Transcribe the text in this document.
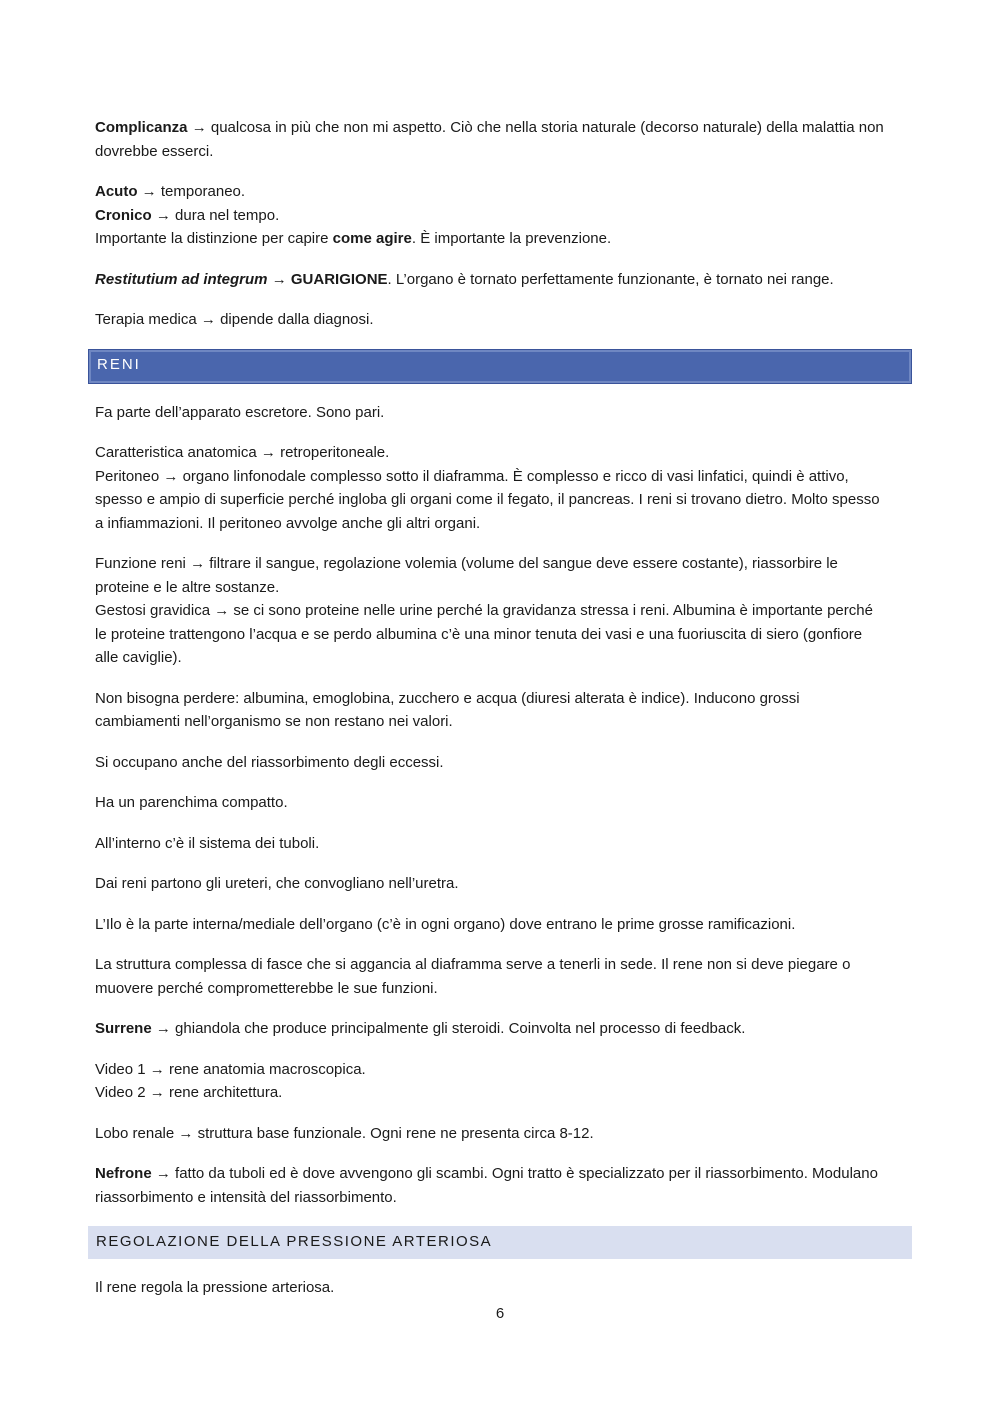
Complicanza → qualcosa in più che non mi aspetto. Ciò che nella storia naturale (decorso naturale) della malattia non
dovrebbe esserci.
Acuto → temporaneo.
Cronico → dura nel tempo.
Importante la distinzione per capire come agire. È importante la prevenzione.
Restitutium ad integrum → GUARIGIONE. L’organo è tornato perfettamente funzionante, è tornato nei range.
Terapia medica → dipende dalla diagnosi.
RENI
Fa parte dell’apparato escretore. Sono pari.
Caratteristica anatomica → retroperitoneale.
Peritoneo → organo linfonodale complesso sotto il diaframma. È complesso e ricco di vasi linfatici, quindi è attivo,
spesso e ampio di superficie perché ingloba gli organi come il fegato, il pancreas. I reni si trovano dietro. Molto spesso
a infiammazioni. Il peritoneo avvolge anche gli altri organi.
Funzione reni → filtrare il sangue, regolazione volemia (volume del sangue deve essere costante), riassorbire le
proteine e le altre sostanze.
Gestosi gravidica → se ci sono proteine nelle urine perché la gravidanza stressa i reni. Albumina è importante perché
le proteine trattengono l’acqua e se perdo albumina c’è una minor tenuta dei vasi e una fuoriuscita di siero (gonfiore
alle caviglie).
Non bisogna perdere: albumina, emoglobina, zucchero e acqua (diuresi alterata è indice). Inducono grossi
cambiamenti nell’organismo se non restano nei valori.
Si occupano anche del riassorbimento degli eccessi.
Ha un parenchima compatto.
All’interno c’è il sistema dei tuboli.
Dai reni partono gli ureteri, che convogliano nell’uretra.
L’Ilo è la parte interna/mediale dell’organo (c’è in ogni organo) dove entrano le prime grosse ramificazioni.
La struttura complessa di fasce che si aggancia al diaframma serve a tenerli in sede. Il rene non si deve piegare o
muovere perché comprometterebbe le sue funzioni.
Surrene → ghiandola che produce principalmente gli steroidi. Coinvolta nel processo di feedback.
Video 1 → rene anatomia macroscopica.
Video 2 → rene architettura.
Lobo renale → struttura base funzionale. Ogni rene ne presenta circa 8-12.
Nefrone → fatto da tuboli ed è dove avvengono gli scambi. Ogni tratto è specializzato per il riassorbimento. Modulano
riassorbimento e intensità del riassorbimento.
REGOLAZIONE DELLA PRESSIONE ARTERIOSA
Il rene regola la pressione arteriosa.
6
